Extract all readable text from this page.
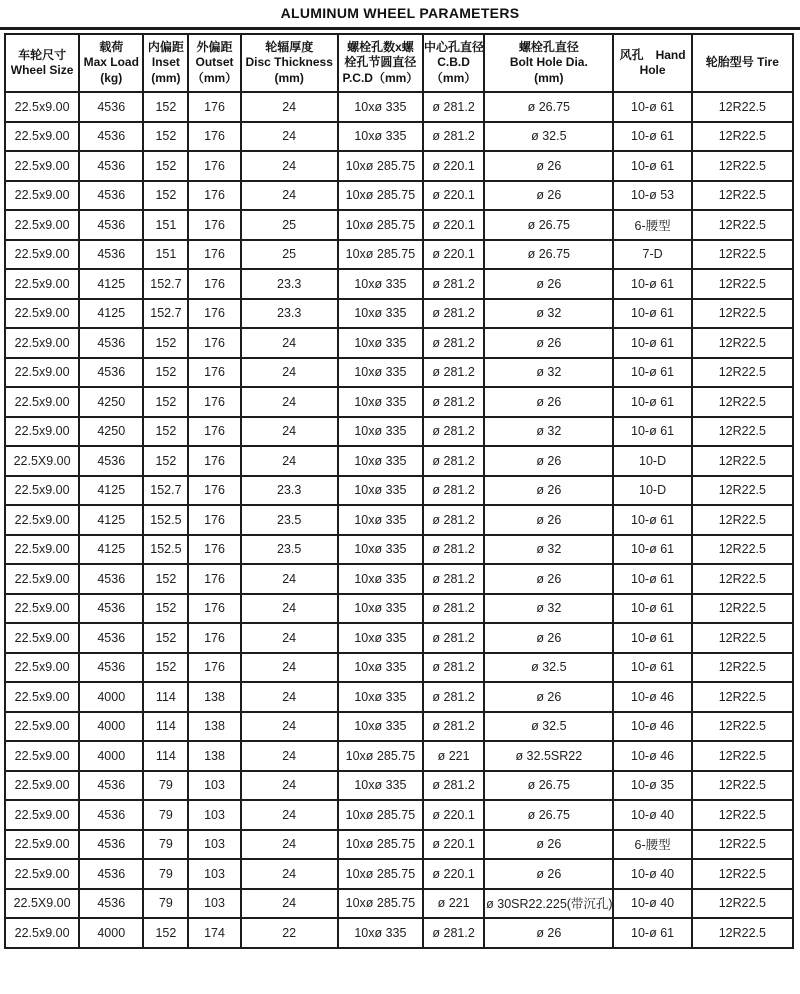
ALUMINUM WHEEL PARAMETERS
车轮尺寸
Wheel Size

载荷
Max Load
(kg)

内偏距
Inset
(mm)

外偏距
Outset
（mm）

轮辐厚度
Disc Thickness
(mm)

螺栓孔数x螺
栓孔节圆直径
P.C.D（mm）

中心孔直径
C.B.D
（mm）

螺栓孔直径
Bolt Hole Dia.
(mm)

风孔　Hand
Hole

轮胎型号 Tire

22.5x9.00	4536	152	176	24	10xø 335	ø 281.2	ø 26.75	10-ø 61	12R22.5
22.5x9.00	4536	152	176	24	10xø 335	ø 281.2	ø 32.5	10-ø 61	12R22.5
22.5x9.00	4536	152	176	24	10xø 285.75	ø 220.1	ø 26	10-ø 61	12R22.5
22.5x9.00	4536	152	176	24	10xø 285.75	ø 220.1	ø 26	10-ø 53	12R22.5
22.5x9.00	4536	151	176	25	10xø 285.75	ø 220.1	ø 26.75	6-腰型	12R22.5
22.5x9.00	4536	151	176	25	10xø 285.75	ø 220.1	ø 26.75	7-D	12R22.5
22.5x9.00	4125	152.7	176	23.3	10xø 335	ø 281.2	ø 26	10-ø 61	12R22.5
22.5x9.00	4125	152.7	176	23.3	10xø 335	ø 281.2	ø 32	10-ø 61	12R22.5
22.5x9.00	4536	152	176	24	10xø 335	ø 281.2	ø 26	10-ø 61	12R22.5
22.5x9.00	4536	152	176	24	10xø 335	ø 281.2	ø 32	10-ø 61	12R22.5
22.5x9.00	4250	152	176	24	10xø 335	ø 281.2	ø 26	10-ø 61	12R22.5
22.5x9.00	4250	152	176	24	10xø 335	ø 281.2	ø 32	10-ø 61	12R22.5
22.5X9.00	4536	152	176	24	10xø 335	ø 281.2	ø 26	10-D	12R22.5
22.5x9.00	4125	152.7	176	23.3	10xø 335	ø 281.2	ø 26	10-D	12R22.5
22.5x9.00	4125	152.5	176	23.5	10xø 335	ø 281.2	ø 26	10-ø 61	12R22.5
22.5x9.00	4125	152.5	176	23.5	10xø 335	ø 281.2	ø 32	10-ø 61	12R22.5
22.5x9.00	4536	152	176	24	10xø 335	ø 281.2	ø 26	10-ø 61	12R22.5
22.5x9.00	4536	152	176	24	10xø 335	ø 281.2	ø 32	10-ø 61	12R22.5
22.5x9.00	4536	152	176	24	10xø 335	ø 281.2	ø 26	10-ø 61	12R22.5
22.5x9.00	4536	152	176	24	10xø 335	ø 281.2	ø 32.5	10-ø 61	12R22.5
22.5x9.00	4000	114	138	24	10xø 335	ø 281.2	ø 26	10-ø 46	12R22.5
22.5x9.00	4000	114	138	24	10xø 335	ø 281.2	ø 32.5	10-ø 46	12R22.5
22.5x9.00	4000	114	138	24	10xø 285.75	ø 221	ø 32.5SR22	10-ø 46	12R22.5
22.5x9.00	4536	79	103	24	10xø 335	ø 281.2	ø 26.75	10-ø 35	12R22.5
22.5x9.00	4536	79	103	24	10xø 285.75	ø 220.1	ø 26.75	10-ø 40	12R22.5
22.5x9.00	4536	79	103	24	10xø 285.75	ø 220.1	ø 26	6-腰型	12R22.5
22.5x9.00	4536	79	103	24	10xø 285.75	ø 220.1	ø 26	10-ø 40	12R22.5
22.5X9.00	4536	79	103	24	10xø 285.75	ø 221	ø 30SR22.225(带沉孔)	10-ø 40	12R22.5
22.5x9.00	4000	152	174	22	10xø 335	ø 281.2	ø 26	10-ø 61	12R22.5
